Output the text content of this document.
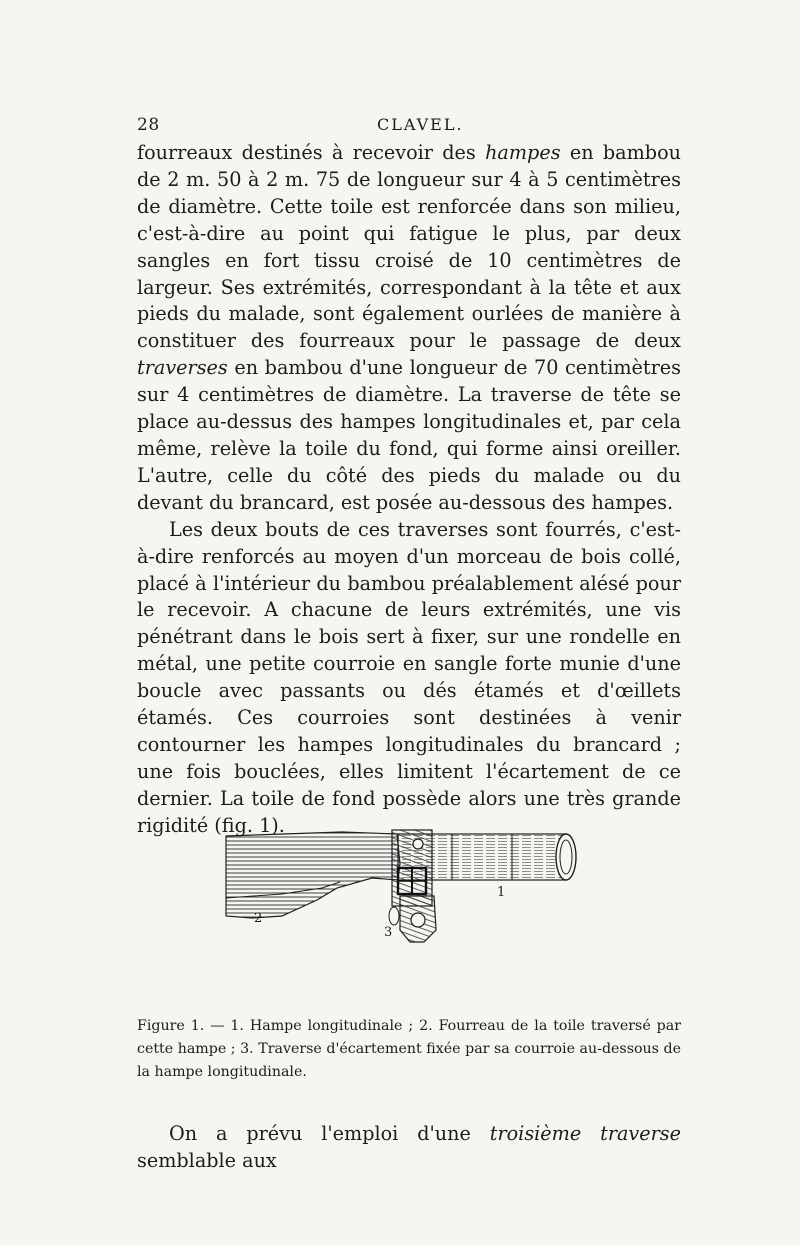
28	CLAVEL.

fourreaux destinés à recevoir des hampes en bambou de 2 m. 50 à 2 m. 75 de longueur sur 4 à 5 centimètres de diamètre. Cette toile est renforcée dans son milieu, c'est-à-dire au point qui fatigue le plus, par deux sangles en fort tissu croisé de 10 centimètres de largeur. Ses extrémités, correspondant à la tête et aux pieds du malade, sont également ourlées de manière à constituer des fourreaux pour le passage de deux traverses en bambou d'une longueur de 70 centimètres sur 4 centimètres de diamètre. La traverse de tête se place au-dessus des hampes longitudinales et, par cela même, relève la toile du fond, qui forme ainsi oreiller. L'autre, celle du côté des pieds du malade ou du devant du brancard, est posée au-dessous des hampes.

Les deux bouts de ces traverses sont fourrés, c'est-à-dire renforcés au moyen d'un morceau de bois collé, placé à l'intérieur du bambou préalablement alésé pour le recevoir. A chacune de leurs extrémités, une vis pénétrant dans le bois sert à fixer, sur une rondelle en métal, une petite courroie en sangle forte munie d'une boucle avec passants ou dés étamés et d'œillets étamés. Ces courroies sont destinées à venir contourner les hampes longitudinales du brancard ; une fois bouclées, elles limitent l'écartement de ce dernier. La toile de fond possède alors une très grande rigidité (fig. 1).

1
2
3

Figure 1. — 1. Hampe longitudinale ; 2. Fourreau de la toile traversé par cette hampe ; 3. Traverse d'écartement fixée par sa courroie au-dessous de la hampe longitudinale.

On a prévu l'emploi d'une troisième traverse semblable aux
